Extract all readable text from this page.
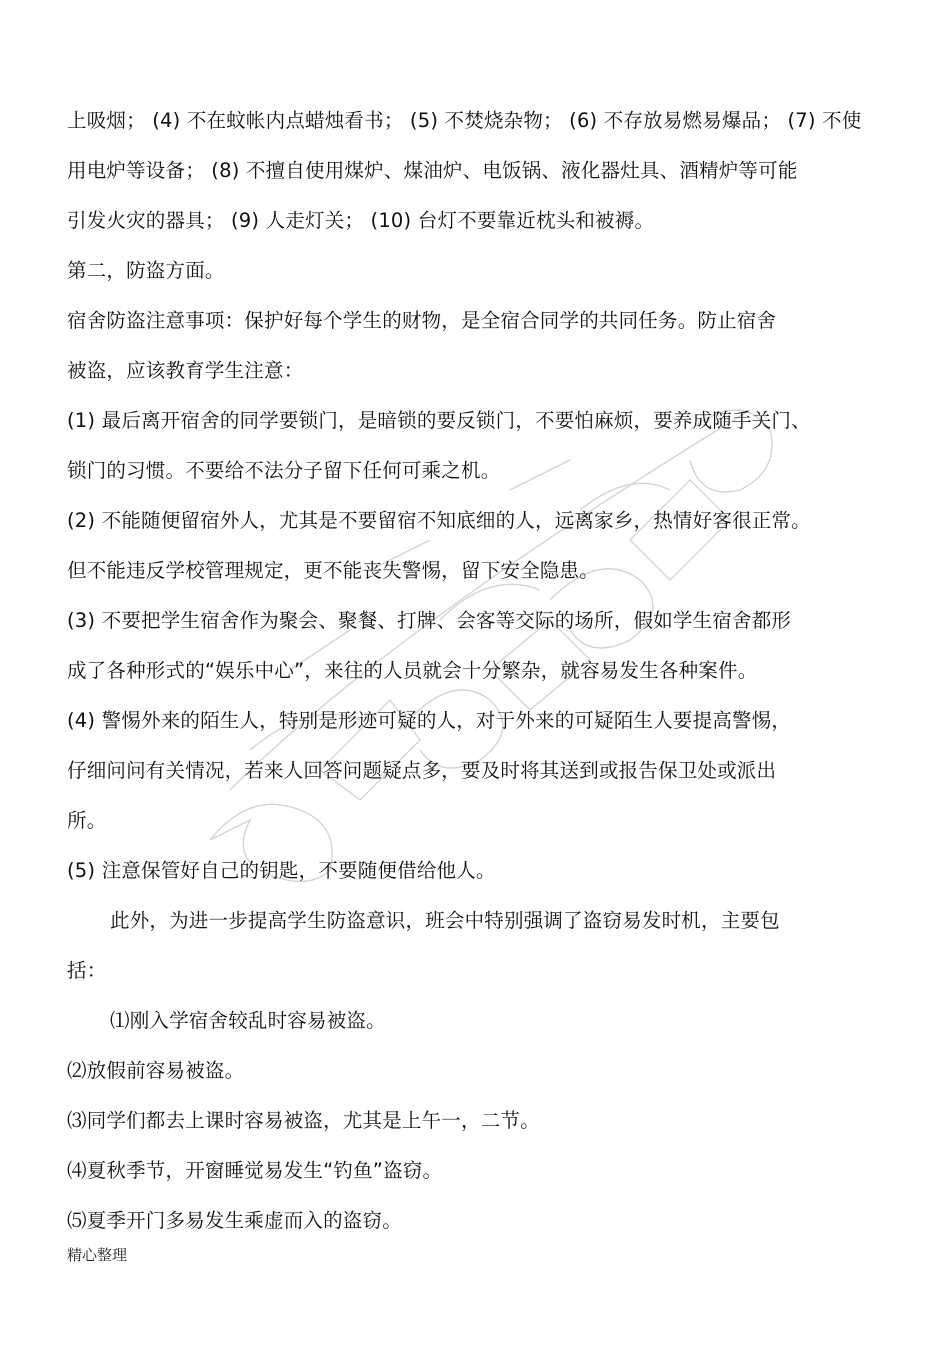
上吸烟； (4) 不在蚊帐内点蜡烛看书； (5) 不焚烧杂物； (6) 不存放易燃易爆品； (7) 不使
用电炉等设备； (8) 不擅自使用煤炉、煤油炉、电饭锅、液化器灶具、酒精炉等可能
引发火灾的器具； (9) 人走灯关； (10) 台灯不要靠近枕头和被褥。
第二，防盗方面。
宿舍防盗注意事项：保护好每个学生的财物，是全宿合同学的共同任务。防止宿舍
被盗，应该教育学生注意：
(1) 最后离开宿舍的同学要锁门，是暗锁的要反锁门，不要怕麻烦，要养成随手关门、
锁门的习惯。不要给不法分子留下任何可乘之机。
(2) 不能随便留宿外人，尤其是不要留宿不知底细的人，远离家乡，热情好客很正常。
但不能违反学校管理规定，更不能丧失警惕，留下安全隐患。
(3) 不要把学生宿舍作为聚会、聚餐、打牌、会客等交际的场所，假如学生宿舍都形
成了各种形式的“娱乐中心”，来往的人员就会十分繁杂，就容易发生各种案件。
(4) 警惕外来的陌生人，特别是形迹可疑的人，对于外来的可疑陌生人要提高警惕，
仔细问问有关情况，若来人回答问题疑点多，要及时将其送到或报告保卫处或派出
所。
(5) 注意保管好自己的钥匙，不要随便借给他人。
此外，为进一步提高学生防盗意识，班会中特别强调了盗窃易发时机，主要包
括：
⑴刚入学宿舍较乱时容易被盗。
⑵放假前容易被盗。
⑶同学们都去上课时容易被盗，尤其是上午一，二节。
⑷夏秋季节，开窗睡觉易发生“钓鱼”盗窃。
⑸夏季开门多易发生乘虚而入的盗窃。
精心整理
